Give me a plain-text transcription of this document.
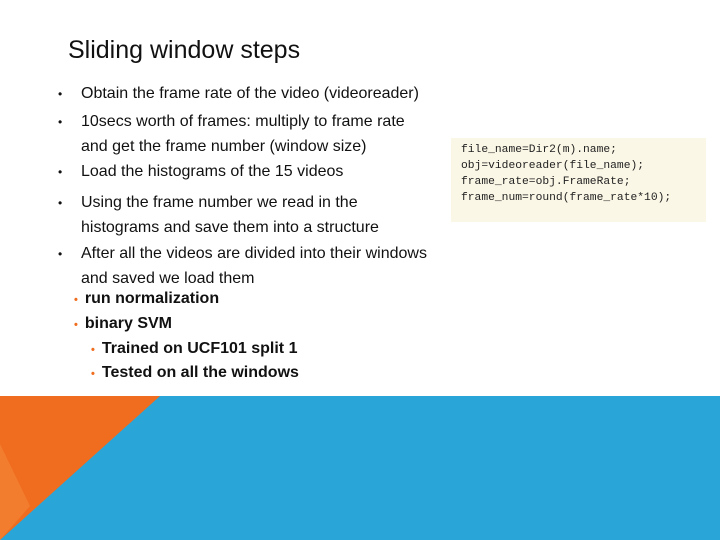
Sliding window steps
• Obtain the frame rate of the video (videoreader)
• 10secs worth of frames: multiply to frame rate
and get the frame number (window size)
• Load the histograms of the 15 videos
• Using the frame number we read in the
histograms and save them into a structure
• After all the videos are divided into their windows
and saved we load them
• run normalization
• binary SVM
• Trained on UCF101 split 1
• Tested on all the windows
file_name=Dir2(m).name;
obj=videoreader(file_name);
frame_rate=obj.FrameRate;
frame_num=round(frame_rate*10);
